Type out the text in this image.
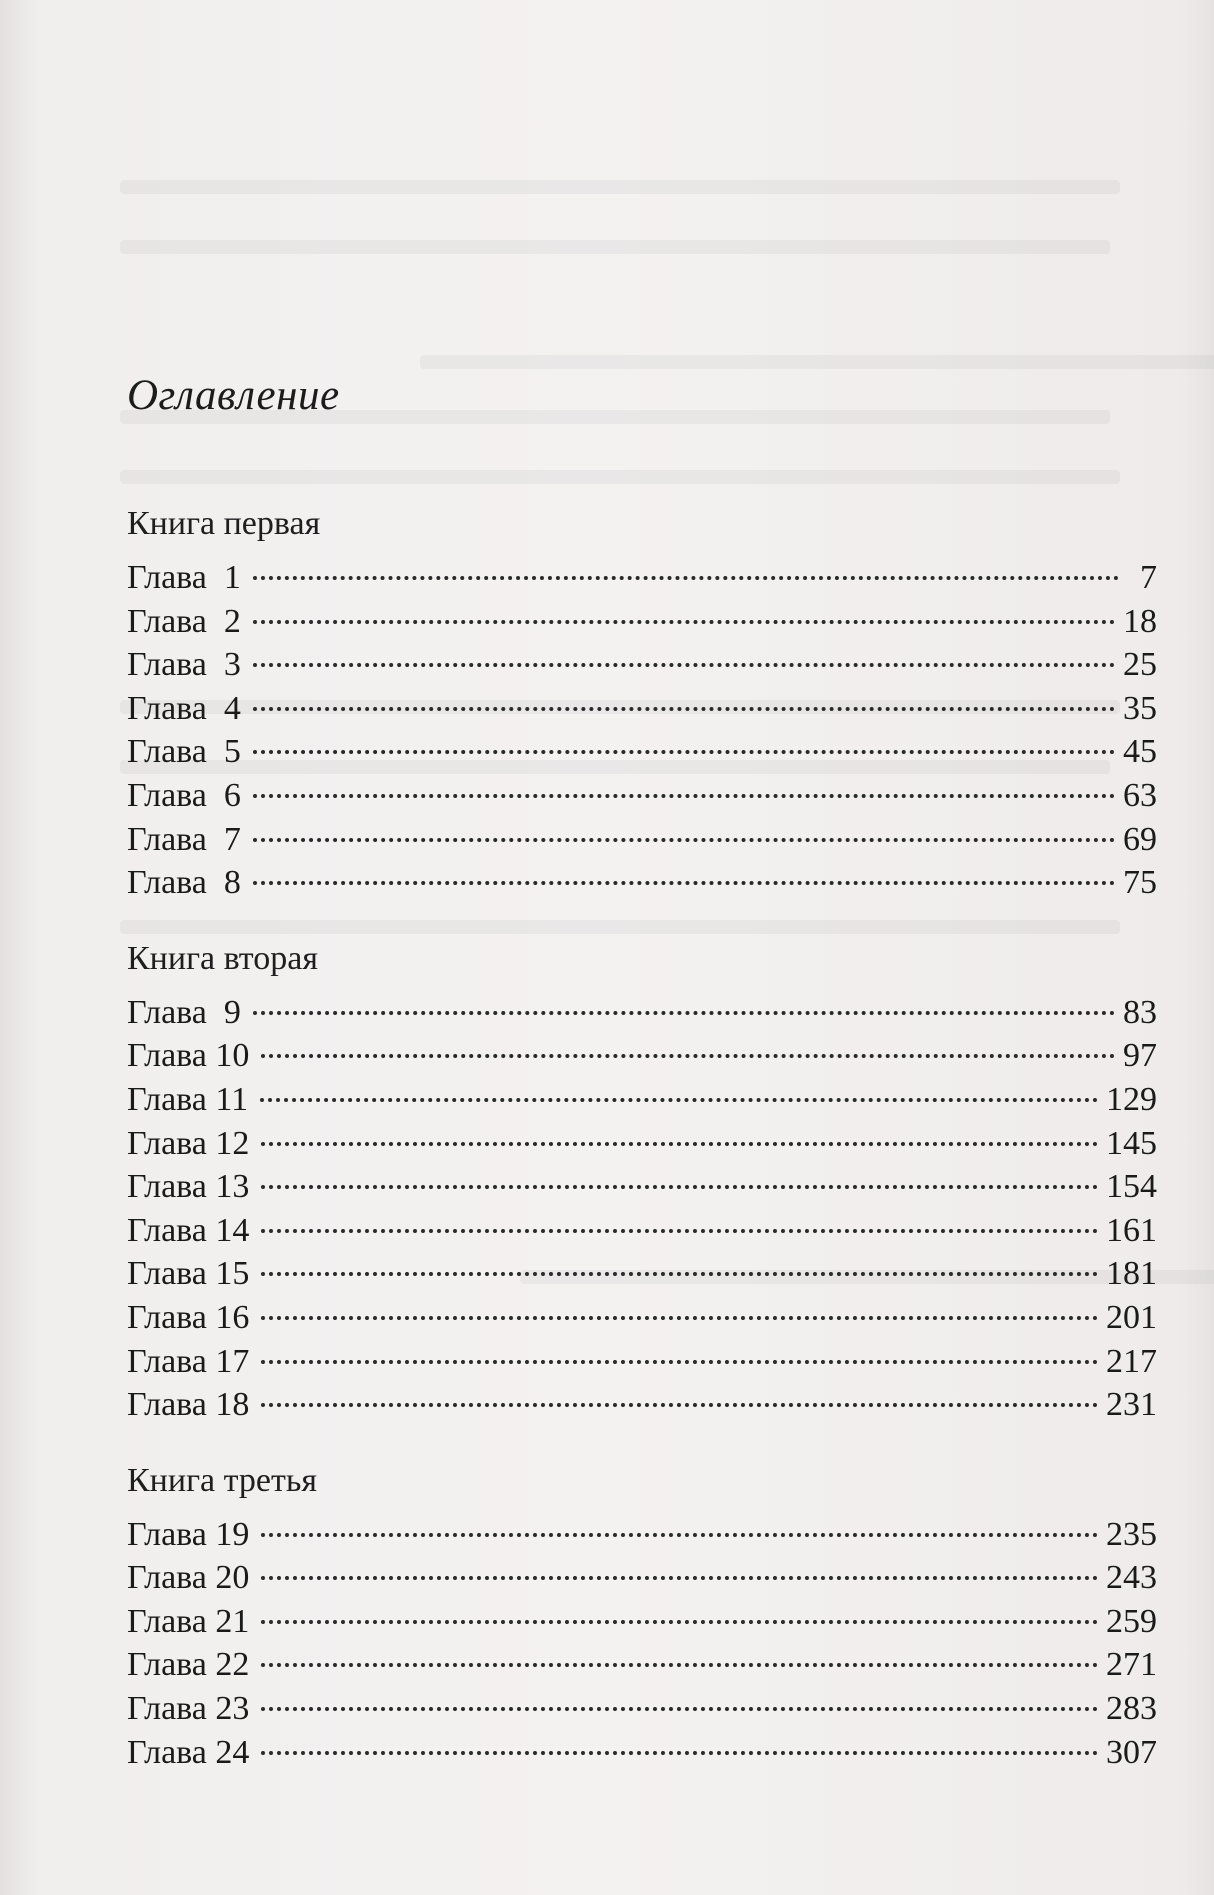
Оглавление
Книга первая
Глава  1	7
Глава  2	18
Глава  3	25
Глава  4	35
Глава  5	45
Глава  6	63
Глава  7	69
Глава  8	75
Книга вторая
Глава  9	83
Глава 10	97
Глава 11	129
Глава 12	145
Глава 13	154
Глава 14	161
Глава 15	181
Глава 16	201
Глава 17	217
Глава 18	231
Книга третья
Глава 19	235
Глава 20	243
Глава 21	259
Глава 22	271
Глава 23	283
Глава 24	307
